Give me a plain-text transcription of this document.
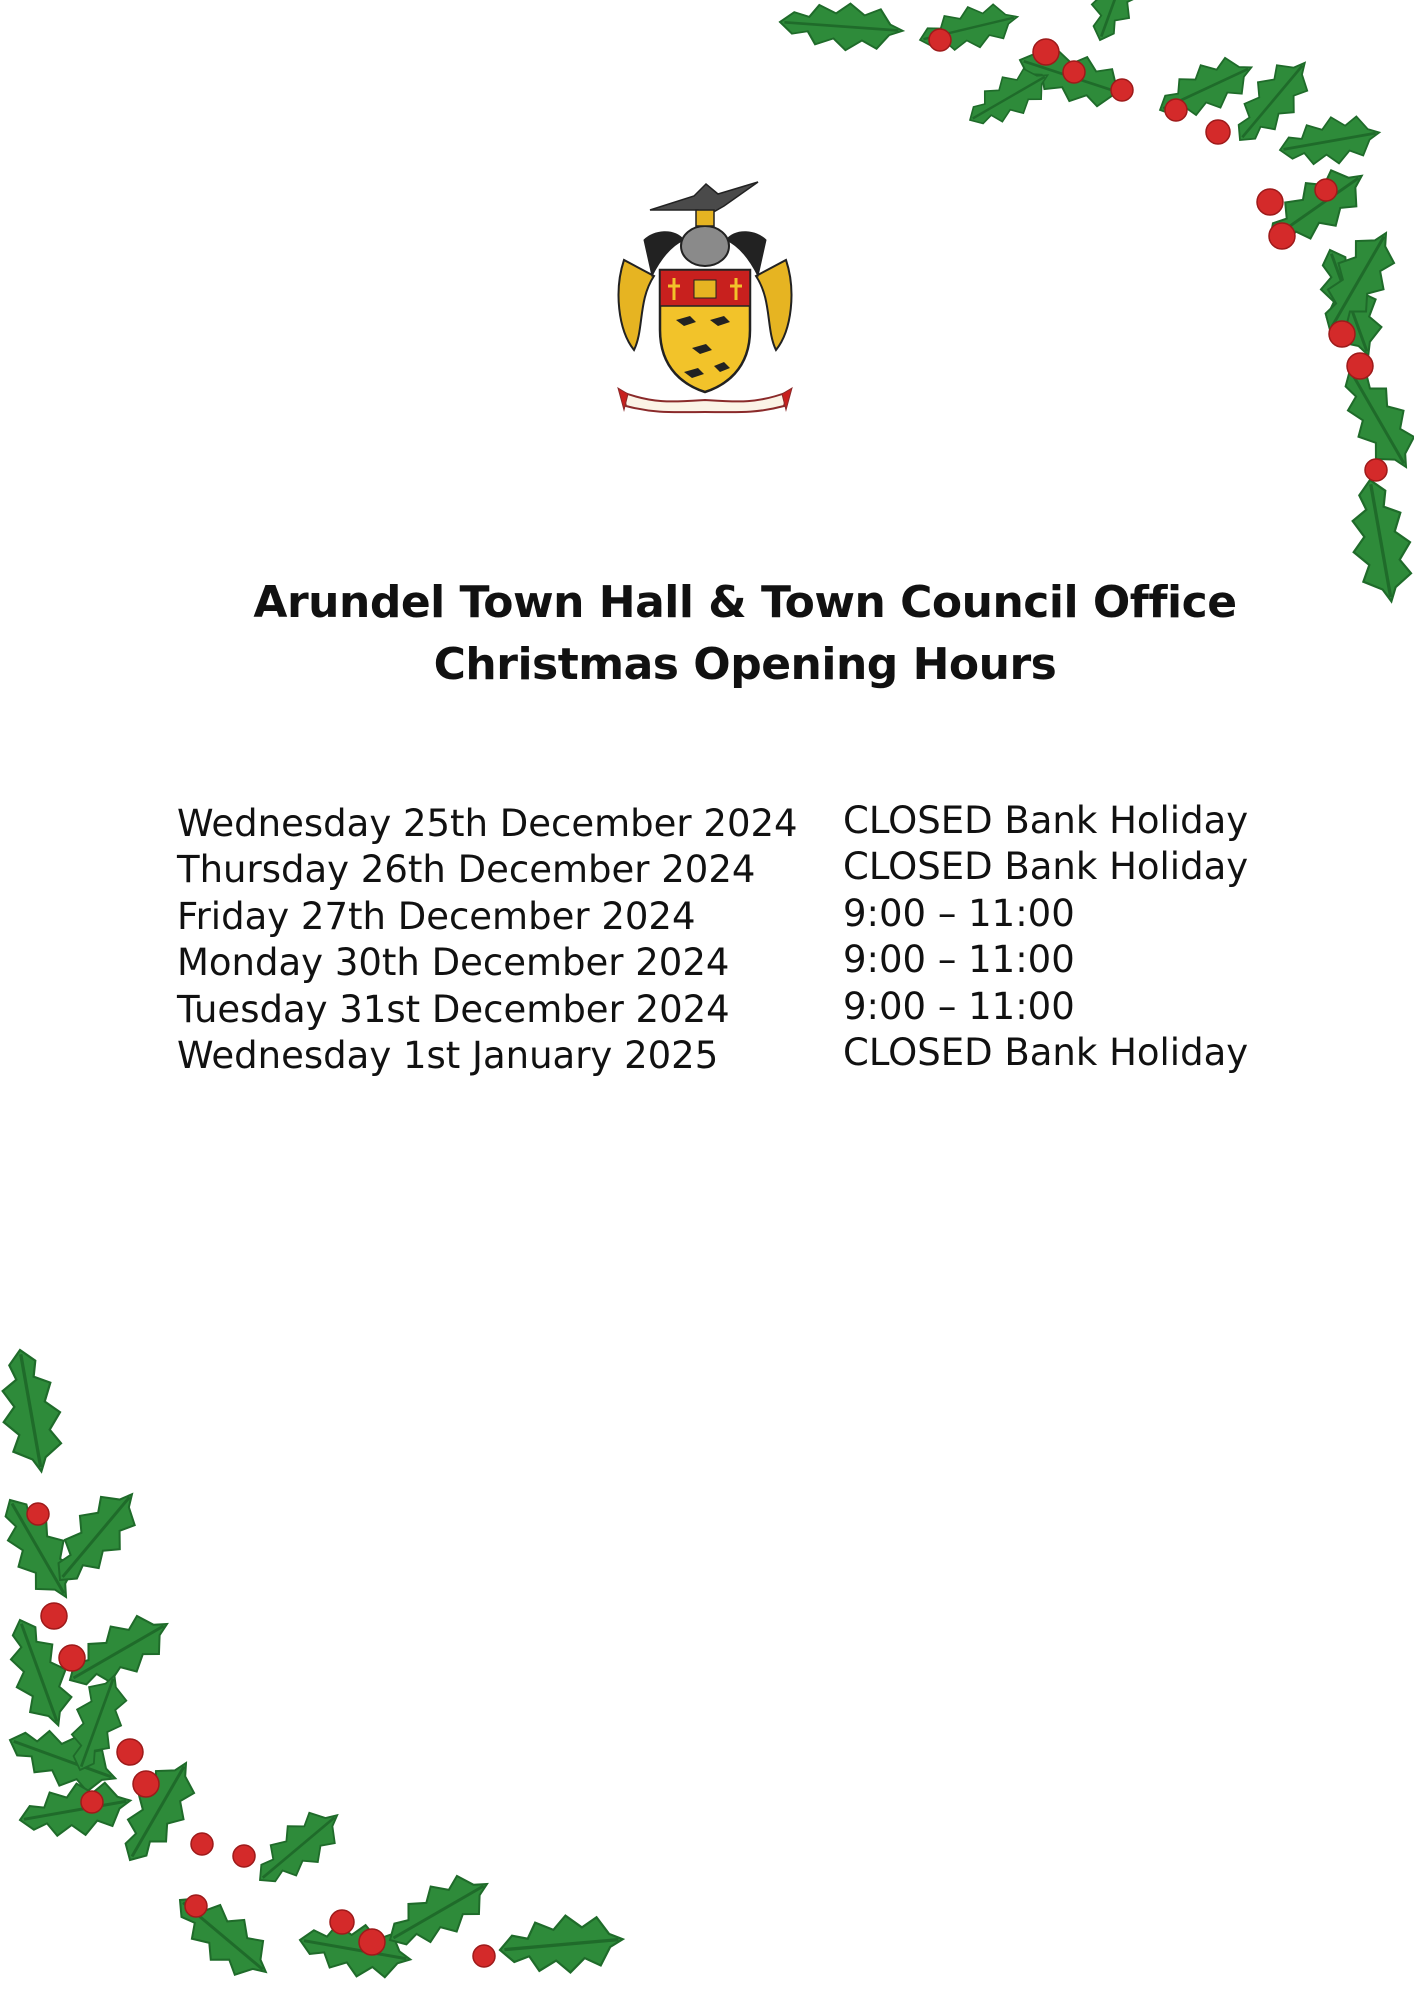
Arundel Town Hall & Town Council Office
Christmas Opening Hours
Wednesday 25th December 2024	CLOSED Bank Holiday
Thursday 26th December 2024	CLOSED Bank Holiday
Friday 27th December 2024	9:00 – 11:00
Monday 30th December 2024	9:00 – 11:00
Tuesday 31st December 2024	9:00 – 11:00
Wednesday 1st January 2025	CLOSED Bank Holiday
